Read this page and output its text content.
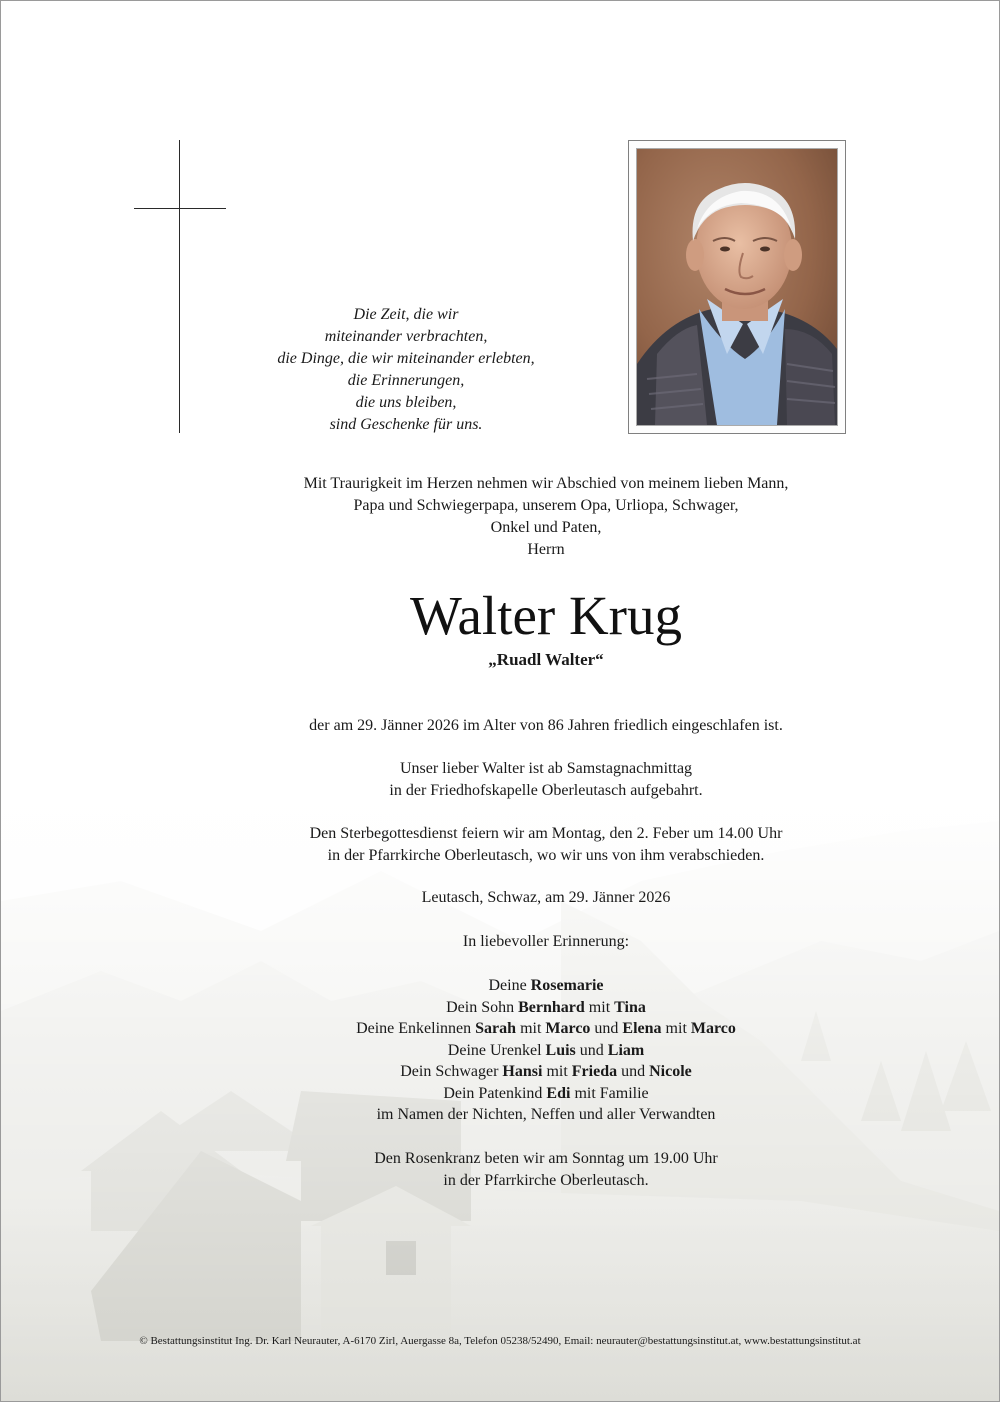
Die Zeit, die wir
miteinander verbrachten,
die Dinge, die wir miteinander erlebten,
die Erinnerungen,
die uns bleiben,
sind Geschenke für uns.
Mit Traurigkeit im Herzen nehmen wir Abschied von meinem lieben Mann,
Papa und Schwiegerpapa, unserem Opa, Urliopa, Schwager,
Onkel und Paten,
Herrn
Walter Krug
„Ruadl Walter“
der am 29. Jänner 2026 im Alter von 86 Jahren friedlich eingeschlafen ist.
Unser lieber Walter ist ab Samstagnachmittag
in der Friedhofskapelle Oberleutasch aufgebahrt.
Den Sterbegottesdienst feiern wir am Montag, den 2. Feber um 14.00 Uhr
in der Pfarrkirche Oberleutasch, wo wir uns von ihm verabschieden.
Leutasch, Schwaz, am 29. Jänner 2026
In liebevoller Erinnerung:
Deine Rosemarie
Dein Sohn Bernhard mit Tina
Deine Enkelinnen Sarah mit Marco und Elena mit Marco
Deine Urenkel Luis und Liam
Dein Schwager Hansi mit Frieda und Nicole
Dein Patenkind Edi mit Familie
im Namen der Nichten, Neffen und aller Verwandten
Den Rosenkranz beten wir am Sonntag um 19.00 Uhr
in der Pfarrkirche Oberleutasch.
© Bestattungsinstitut Ing. Dr. Karl Neurauter, A-6170 Zirl, Auergasse 8a, Telefon 05238/52490, Email: neurauter@bestattungsinstitut.at, www.bestattungsinstitut.at
